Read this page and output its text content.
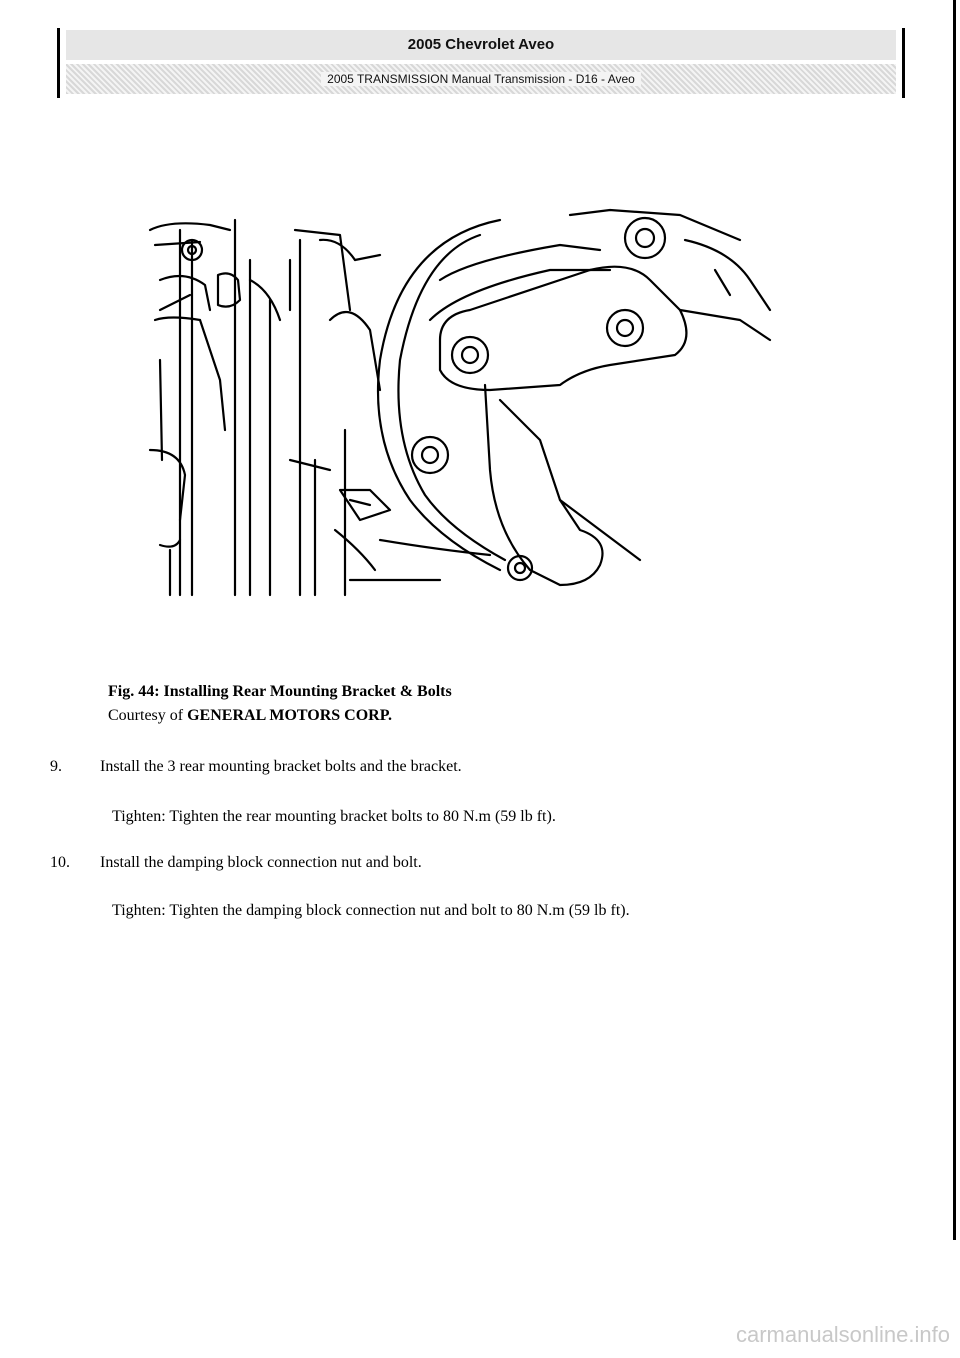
2005 Chevrolet Aveo
2005 TRANSMISSION Manual Transmission - D16 - Aveo
Fig. 44: Installing Rear Mounting Bracket & Bolts
Courtesy of GENERAL MOTORS CORP.
9. Install the 3 rear mounting bracket bolts and the bracket.
Tighten: Tighten the rear mounting bracket bolts to 80 N.m (59 lb ft).
10. Install the damping block connection nut and bolt.
Tighten: Tighten the damping block connection nut and bolt to 80 N.m (59 lb ft).
carmanualsonline.info
